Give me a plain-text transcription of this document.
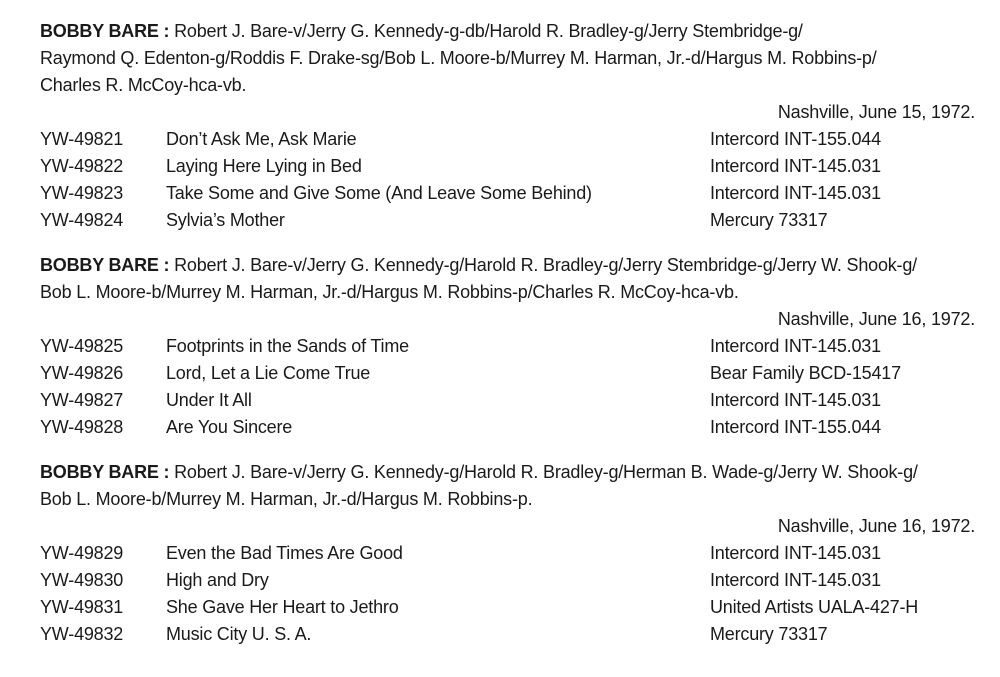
BOBBY BARE : Robert J. Bare-v/Jerry G. Kennedy-g-db/Harold R. Bradley-g/Jerry Stembridge-g/
Raymond Q. Edenton-g/Roddis F. Drake-sg/Bob L. Moore-b/Murrey M. Harman, Jr.-d/Hargus M. Robbins-p/
Charles R. McCoy-hca-vb.
Nashville, June 15, 1972.
YW-49821	Don’t Ask Me, Ask Marie	Intercord INT-155.044
YW-49822	Laying Here Lying in Bed	Intercord INT-145.031
YW-49823	Take Some and Give Some (And Leave Some Behind)	Intercord INT-145.031
YW-49824	Sylvia’s Mother	Mercury 73317
BOBBY BARE : Robert J. Bare-v/Jerry G. Kennedy-g/Harold R. Bradley-g/Jerry Stembridge-g/Jerry W. Shook-g/
Bob L. Moore-b/Murrey M. Harman, Jr.-d/Hargus M. Robbins-p/Charles R. McCoy-hca-vb.
Nashville, June 16, 1972.
YW-49825	Footprints in the Sands of Time	Intercord INT-145.031
YW-49826	Lord, Let a Lie Come True	Bear Family BCD-15417
YW-49827	Under It All	Intercord INT-145.031
YW-49828	Are You Sincere	Intercord INT-155.044
BOBBY BARE : Robert J. Bare-v/Jerry G. Kennedy-g/Harold R. Bradley-g/Herman B. Wade-g/Jerry W. Shook-g/
Bob L. Moore-b/Murrey M. Harman, Jr.-d/Hargus M. Robbins-p.
Nashville, June 16, 1972.
YW-49829	Even the Bad Times Are Good	Intercord INT-145.031
YW-49830	High and Dry	Intercord INT-145.031
YW-49831	She Gave Her Heart to Jethro	United Artists UALA-427-H
YW-49832	Music City U. S. A.	Mercury 73317
